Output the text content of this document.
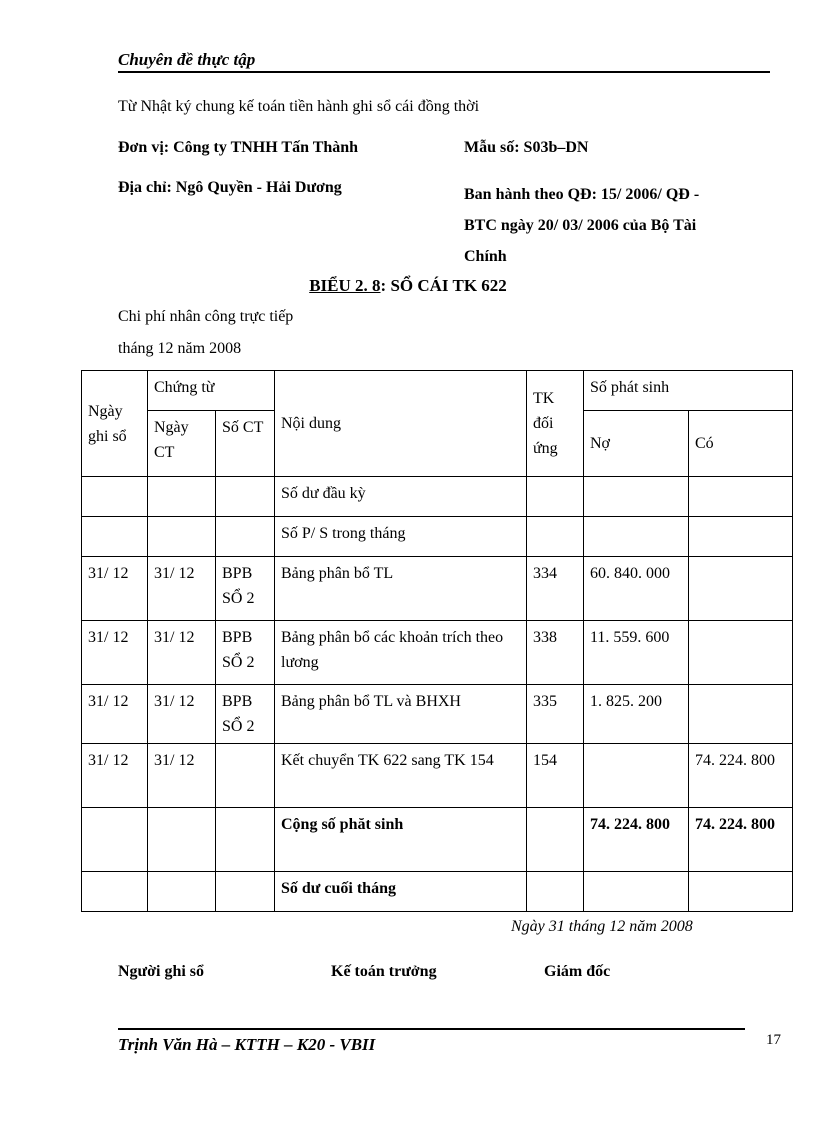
Chuyên đề thực tập
Từ Nhật ký chung kế toán tiền hành ghi sổ cái đồng thời
Đơn vị: Công ty TNHH Tấn Thành	Mẫu số: S03b–DN
Địa chỉ: Ngô Quyền - Hải Dương	Ban hành theo QĐ: 15/ 2006/ QĐ -
BTC ngày 20/ 03/ 2006 của Bộ Tài
Chính
BIỂU 2. 8: SỔ CÁI TK 622
Chi phí nhân công trực tiếp
tháng 12 năm 2008
Ngày ghi sổ	Chứng từ		Nội dung	TK đối ứng	Số phát sinh	
	Ngày CT	Số CT			Nợ	Có
			Số dư đầu kỳ			
			Số P/ S trong tháng			
31/ 12	31/ 12	BPB SỔ 2	Bảng phân bổ TL	334	60. 840. 000	
31/ 12	31/ 12	BPB SỔ 2	Bảng phân bổ các khoản trích theo lương	338	11. 559. 600	
31/ 12	31/ 12	BPB SỔ 2	Bảng phân bổ TL và BHXH	335	1. 825. 200	
31/ 12	31/ 12		Kết chuyển TK 622 sang TK 154	154		74. 224. 800
			Cộng số phăt sinh		74. 224. 800	74. 224. 800
			Số dư cuối tháng			
Ngày 31 tháng 12 năm 2008
Người ghi sổ	Kế toán trưởng	Giám đốc
Trịnh Văn Hà – KTTH – K20 - VBII	17
